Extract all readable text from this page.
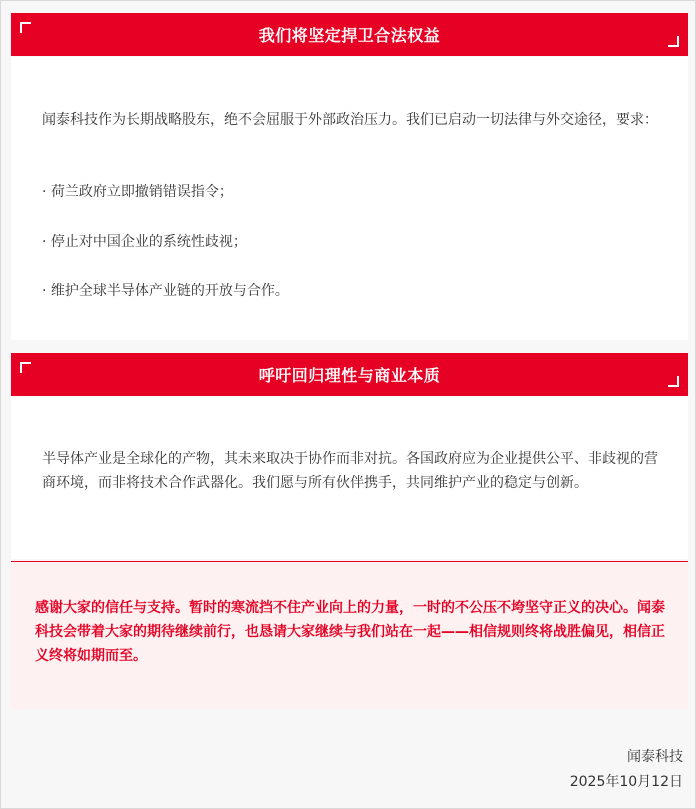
我们将坚定捍卫合法权益

闻泰科技作为长期战略股东，绝不会屈服于外部政治压力。我们已启动一切法律与外交途径，要求：

· 荷兰政府立即撤销错误指令；

· 停止对中国企业的系统性歧视；

· 维护全球半导体产业链的开放与合作。

呼吁回归理性与商业本质

半导体产业是全球化的产物，其未来取决于协作而非对抗。各国政府应为企业提供公平、非歧视的营商环境，而非将技术合作武器化。我们愿与所有伙伴携手，共同维护产业的稳定与创新。

感谢大家的信任与支持。暂时的寒流挡不住产业向上的力量，一时的不公压不垮坚守正义的决心。闻泰科技会带着大家的期待继续前行，也恳请大家继续与我们站在一起——相信规则终将战胜偏见，相信正义终将如期而至。

闻泰科技
2025年10月12日
